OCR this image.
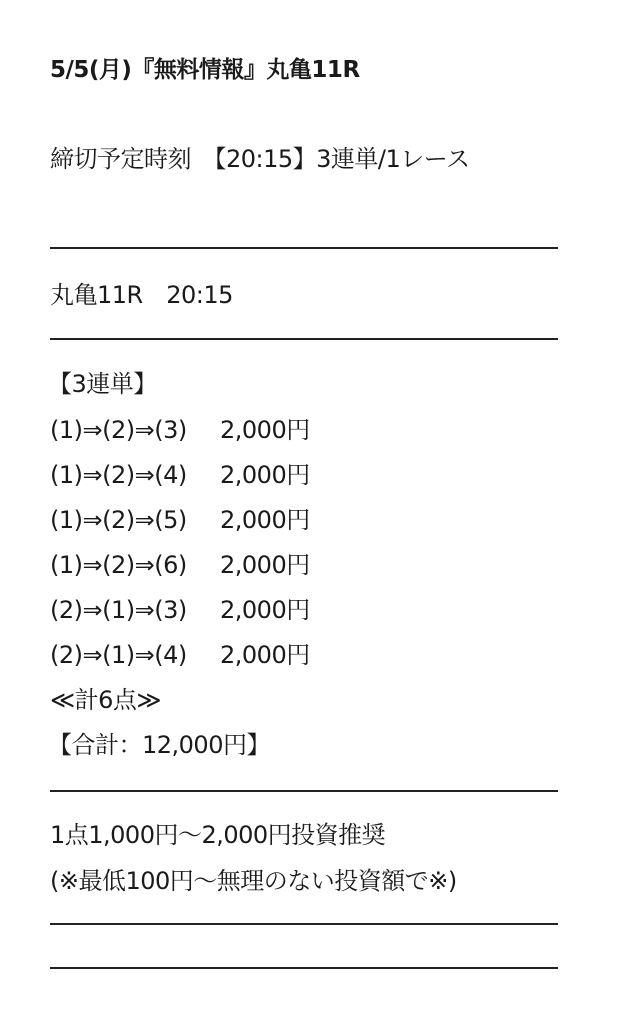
5/5(月)『無料情報』丸亀11R
締切予定時刻　【20:15】3連単/1レース
丸亀11R　20:15
【3連単】
(1)⇒(2)⇒(3) 2,000円
(1)⇒(2)⇒(4) 2,000円
(1)⇒(2)⇒(5) 2,000円
(1)⇒(2)⇒(6) 2,000円
(2)⇒(1)⇒(3) 2,000円
(2)⇒(1)⇒(4) 2,000円
≪計6点≫
【合計：12,000円】
1点1,000円〜2,000円投資推奨
(※最低100円〜無理のない投資額で※)
